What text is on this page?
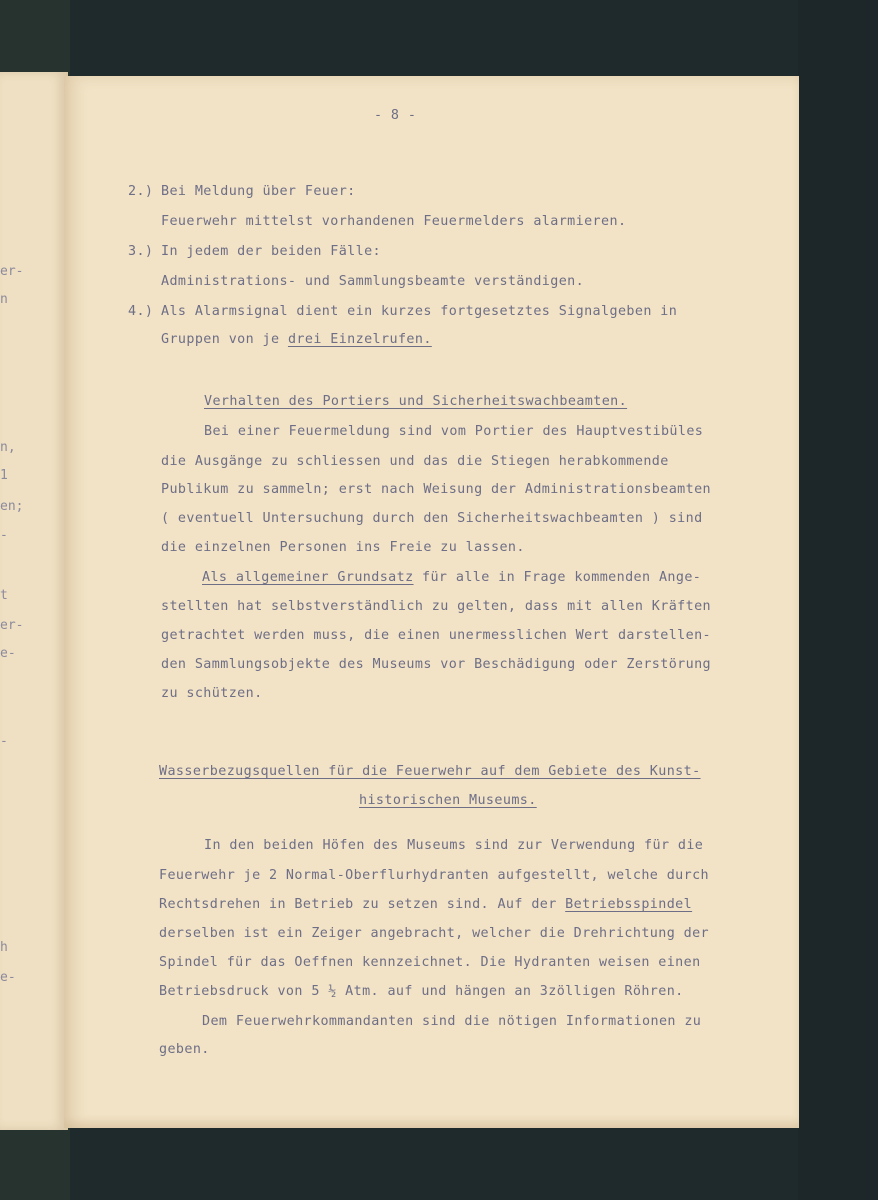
er-
n
n,
1
en;
-
t
er-
e-
-
h
e-
- 8 -
2.) Bei Meldung über Feuer:
Feuerwehr mittelst vorhandenen Feuermelders alarmieren.
3.) In jedem der beiden Fälle:
Administrations- und Sammlungsbeamte verständigen.
4.) Als Alarmsignal dient ein kurzes fortgesetztes Signalgeben in
Gruppen von je drei Einzelrufen.
Verhalten des Portiers und Sicherheitswachbeamten.
Bei einer Feuermeldung sind vom Portier des Hauptvestibüles
die Ausgänge zu schliessen und das die Stiegen herabkommende
Publikum zu sammeln; erst nach Weisung der Administrationsbeamten
( eventuell Untersuchung durch den Sicherheitswachbeamten ) sind
die einzelnen Personen ins Freie zu lassen.
Als allgemeiner Grundsatz für alle in Frage kommenden Ange-
stellten hat selbstverständlich zu gelten, dass mit allen Kräften
getrachtet werden muss, die einen unermesslichen Wert darstellen-
den Sammlungsobjekte des Museums vor Beschädigung oder Zerstörung
zu schützen.
Wasserbezugsquellen für die Feuerwehr auf dem Gebiete des Kunst-
historischen Museums.
In den beiden Höfen des Museums sind zur Verwendung für die
Feuerwehr je 2 Normal-Oberflurhydranten aufgestellt, welche durch
Rechtsdrehen in Betrieb zu setzen sind. Auf der Betriebsspindel
derselben ist ein Zeiger angebracht, welcher die Drehrichtung der
Spindel für das Oeffnen kennzeichnet. Die Hydranten weisen einen
Betriebsdruck von 5 ½ Atm. auf und hängen an 3zölligen Röhren.
Dem Feuerwehrkommandanten sind die nötigen Informationen zu
geben.
